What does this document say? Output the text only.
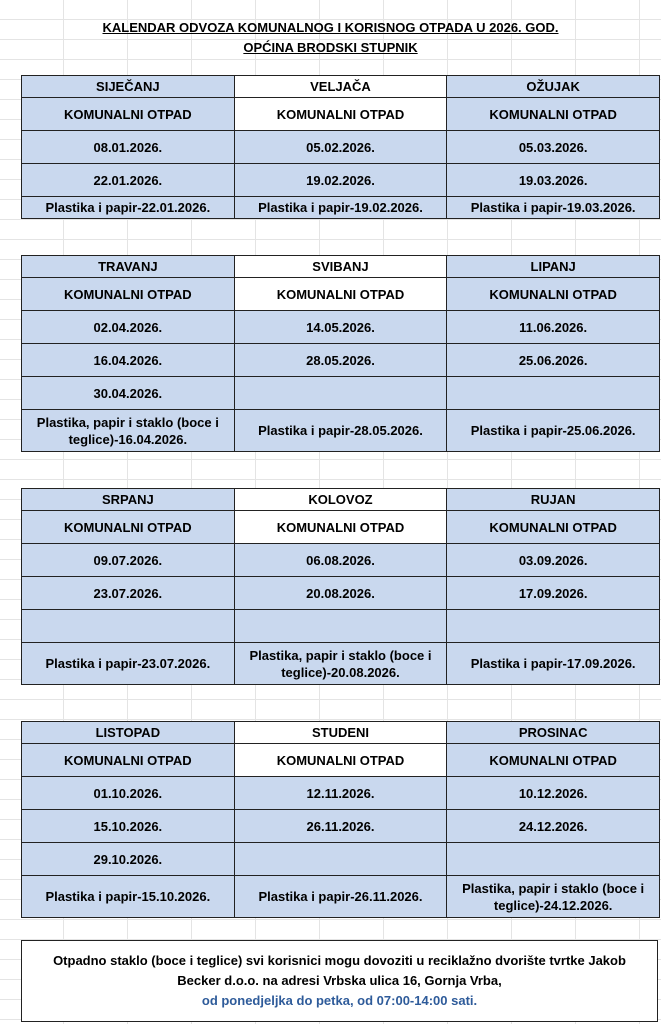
KALENDAR ODVOZA KOMUNALNOG I KORISNOG OTPADA U 2026. GOD.
OPĆINA BRODSKI STUPNIK
SIJEČANJ	VELJAČA	OŽUJAK
KOMUNALNI OTPAD	KOMUNALNI OTPAD	KOMUNALNI OTPAD
08.01.2026.	05.02.2026.	05.03.2026.
22.01.2026.	19.02.2026.	19.03.2026.
Plastika i papir-22.01.2026.	Plastika i papir-19.02.2026.	Plastika i papir-19.03.2026.
TRAVANJ	SVIBANJ	LIPANJ
KOMUNALNI OTPAD	KOMUNALNI OTPAD	KOMUNALNI OTPAD
02.04.2026.	14.05.2026.	11.06.2026.
16.04.2026.	28.05.2026.	25.06.2026.
30.04.2026.		
Plastika, papir i staklo (boce i teglice)-16.04.2026.	Plastika i papir-28.05.2026.	Plastika i papir-25.06.2026.
SRPANJ	KOLOVOZ	RUJAN
KOMUNALNI OTPAD	KOMUNALNI OTPAD	KOMUNALNI OTPAD
09.07.2026.	06.08.2026.	03.09.2026.
23.07.2026.	20.08.2026.	17.09.2026.

Plastika i papir-23.07.2026.	Plastika, papir i staklo (boce i teglice)-20.08.2026.	Plastika i papir-17.09.2026.
LISTOPAD	STUDENI	PROSINAC
KOMUNALNI OTPAD	KOMUNALNI OTPAD	KOMUNALNI OTPAD
01.10.2026.	12.11.2026.	10.12.2026.
15.10.2026.	26.11.2026.	24.12.2026.
29.10.2026.		
Plastika i papir-15.10.2026.	Plastika i papir-26.11.2026.	Plastika, papir i staklo (boce i teglice)-24.12.2026.
Otpadno staklo (boce i teglice) svi korisnici mogu dovoziti u reciklažno dvorište tvrtke Jakob
Becker d.o.o. na adresi Vrbska ulica 16, Gornja Vrba,
od ponedjeljka do petka, od 07:00-14:00 sati.
